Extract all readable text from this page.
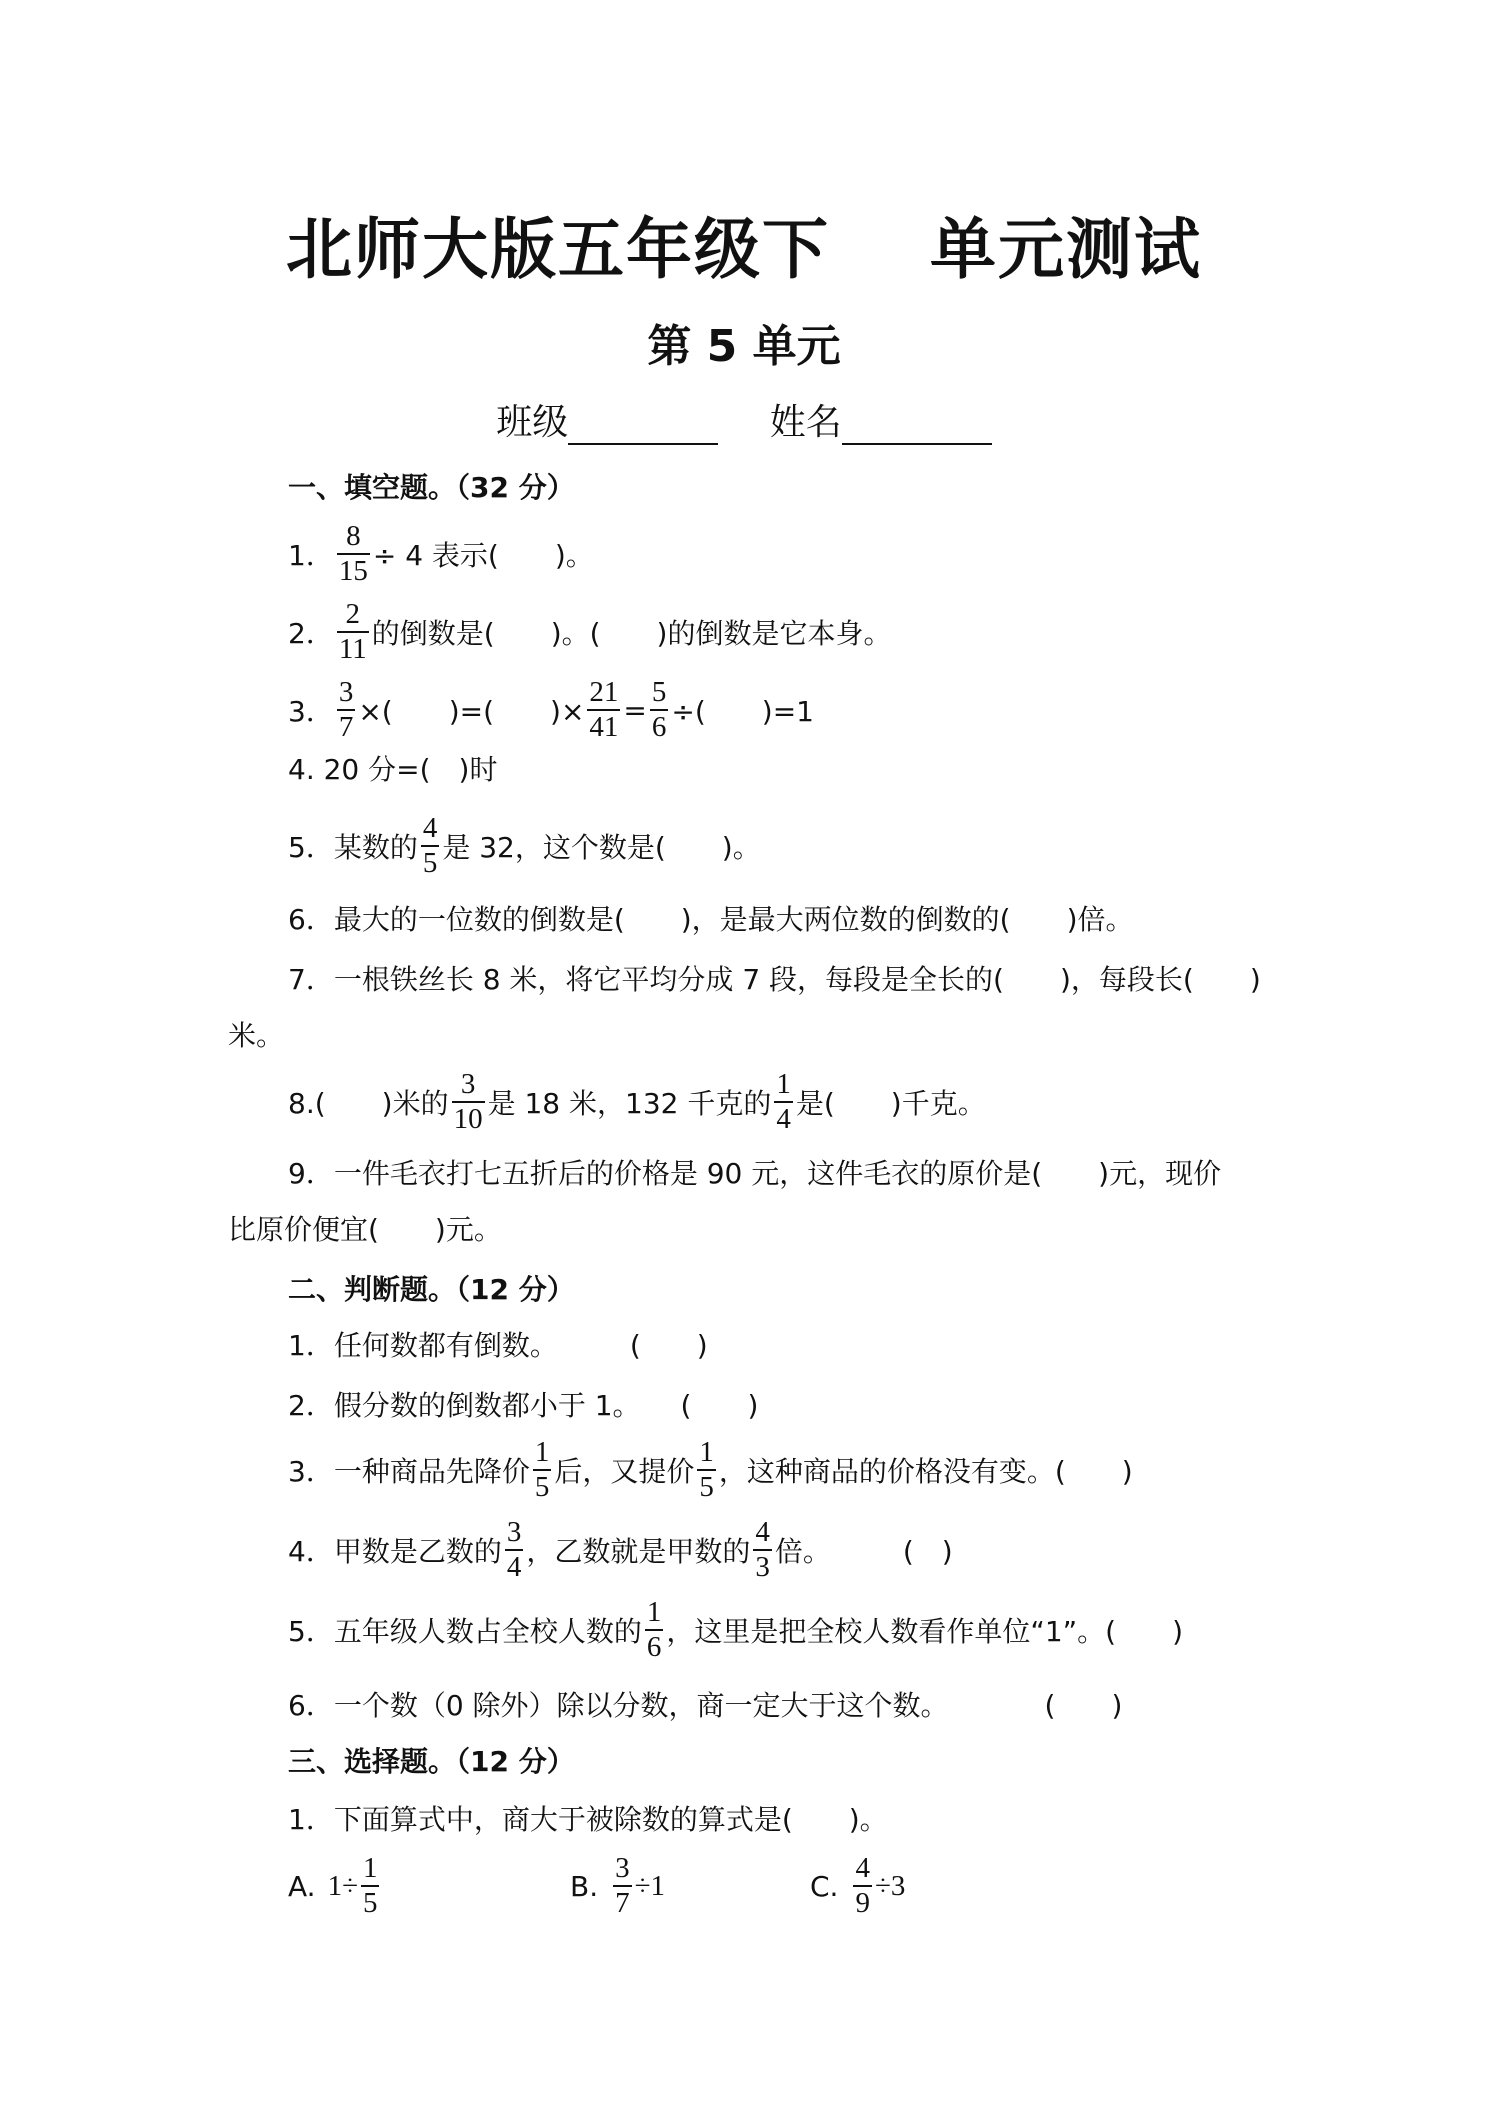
北师大版五年级下 单元测试
第 5 单元
班级	姓名
一、填空题。（32 分）
1． $\frac{8}{15} \div 4$ 表示(　　)。
2． $\frac{2}{11}$ 的倒数是(　　)。(　　)的倒数是它本身。
3． $\frac{3}{7}$ ×(　　)=(　　)× $\frac{21}{41} = \frac{5}{6}$ ÷(　　)=1
4. 20 分=(　)时
5．某数的 $\frac{4}{5}$ 是 32，这个数是(　　)。
6．最大的一位数的倒数是(　　)，是最大两位数的倒数的(　　)倍。
7．一根铁丝长 8 米，将它平均分成 7 段，每段是全长的(　　)，每段长(　　)
米。
8.(　　)米的 $\frac{3}{10}$ 是 18 米，132 千克的 $\frac{1}{4}$ 是(　　)千克。
9．一件毛衣打七五折后的价格是 90 元，这件毛衣的原价是(　　)元，现价
比原价便宜(　　)元。
二、判断题。（12 分）
1．任何数都有倒数。	(　　)
2．假分数的倒数都小于 1。 (　　)
3．一种商品先降价 $\frac{1}{5}$ 后，又提价 $\frac{1}{5}$ ，这种商品的价格没有变。(　　)
4．甲数是乙数的 $\frac{3}{4}$ ，乙数就是甲数的 $\frac{4}{3}$ 倍。	(　)
5．五年级人数占全校人数的 $\frac{1}{6}$ ，这里是把全校人数看作单位“1”。(　　)
6．一个数（0 除外）除以分数，商一定大于这个数。	(　　)
三、选择题。（12 分）
1．下面算式中，商大于被除数的算式是(　　)。
A. $1\div \frac{1}{5}$	B. $\frac{3}{7} \div 1$	C. $\frac{4}{9} \div 3$
